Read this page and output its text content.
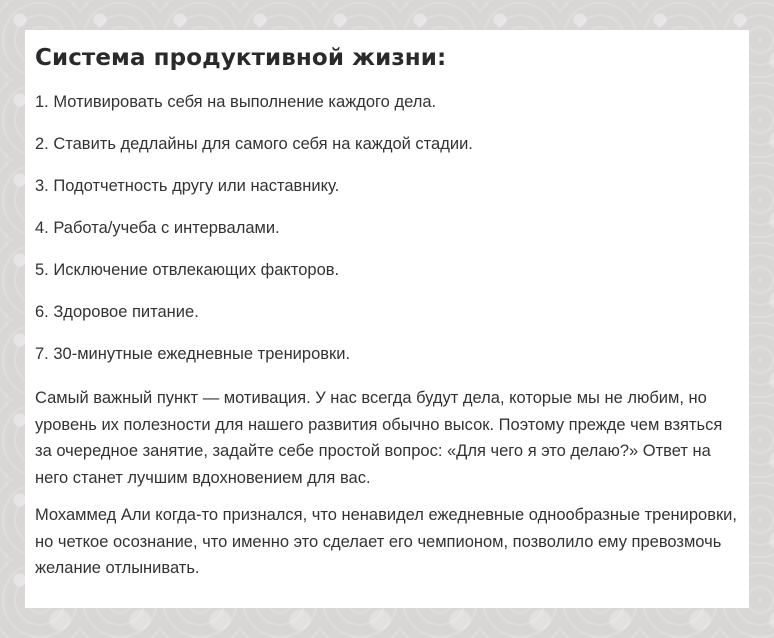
Система продуктивной жизни:
1. Мотивировать себя на выполнение каждого дела.
2. Ставить дедлайны для самого себя на каждой стадии.
3. Подотчетность другу или наставнику.
4. Работа/учеба с интервалами.
5. Исключение отвлекающих факторов.
6. Здоровое питание.
7. 30-минутные ежедневные тренировки.

Самый важный пункт — мотивация. У нас всегда будут дела, которые мы не любим, но уровень их полезности для нашего развития обычно высок. Поэтому прежде чем взяться за очередное занятие, задайте себе простой вопрос: «Для чего я это делаю?» Ответ на него станет лучшим вдохновением для вас.

Мохаммед Али когда-то признался, что ненавидел ежедневные однообразные тренировки, но четкое осознание, что именно это сделает его чемпионом, позволило ему превозмочь желание отлынивать.
